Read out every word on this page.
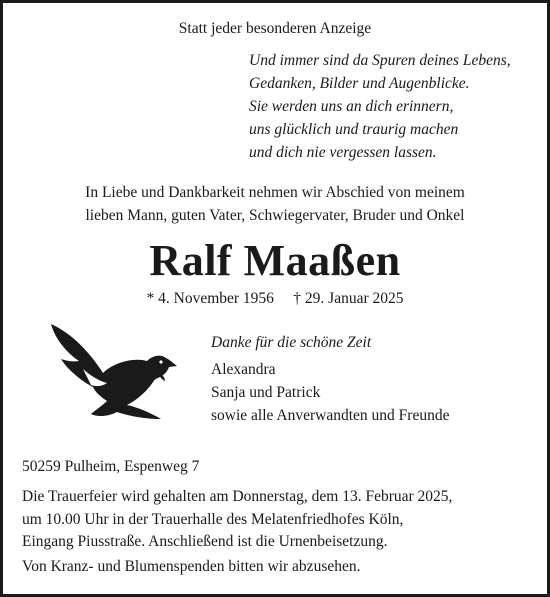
Statt jeder besonderen Anzeige
Und immer sind da Spuren deines Lebens,
Gedanken, Bilder und Augenblicke.
Sie werden uns an dich erinnern,
uns glücklich und traurig machen
und dich nie vergessen lassen.
In Liebe und Dankbarkeit nehmen wir Abschied von meinem
lieben Mann, guten Vater, Schwiegervater, Bruder und Onkel
Ralf Maaßen
* 4. November 1956     † 29. Januar 2025
Danke für die schöne Zeit
Alexandra
Sanja und Patrick
sowie alle Anverwandten und Freunde
50259 Pulheim, Espenweg 7
Die Trauerfeier wird gehalten am Donnerstag, dem 13. Februar 2025,
um 10.00 Uhr in der Trauerhalle des Melatenfriedhofes Köln,
Eingang Piusstraße. Anschließend ist die Urnenbeisetzung.
Von Kranz- und Blumenspenden bitten wir abzusehen.
